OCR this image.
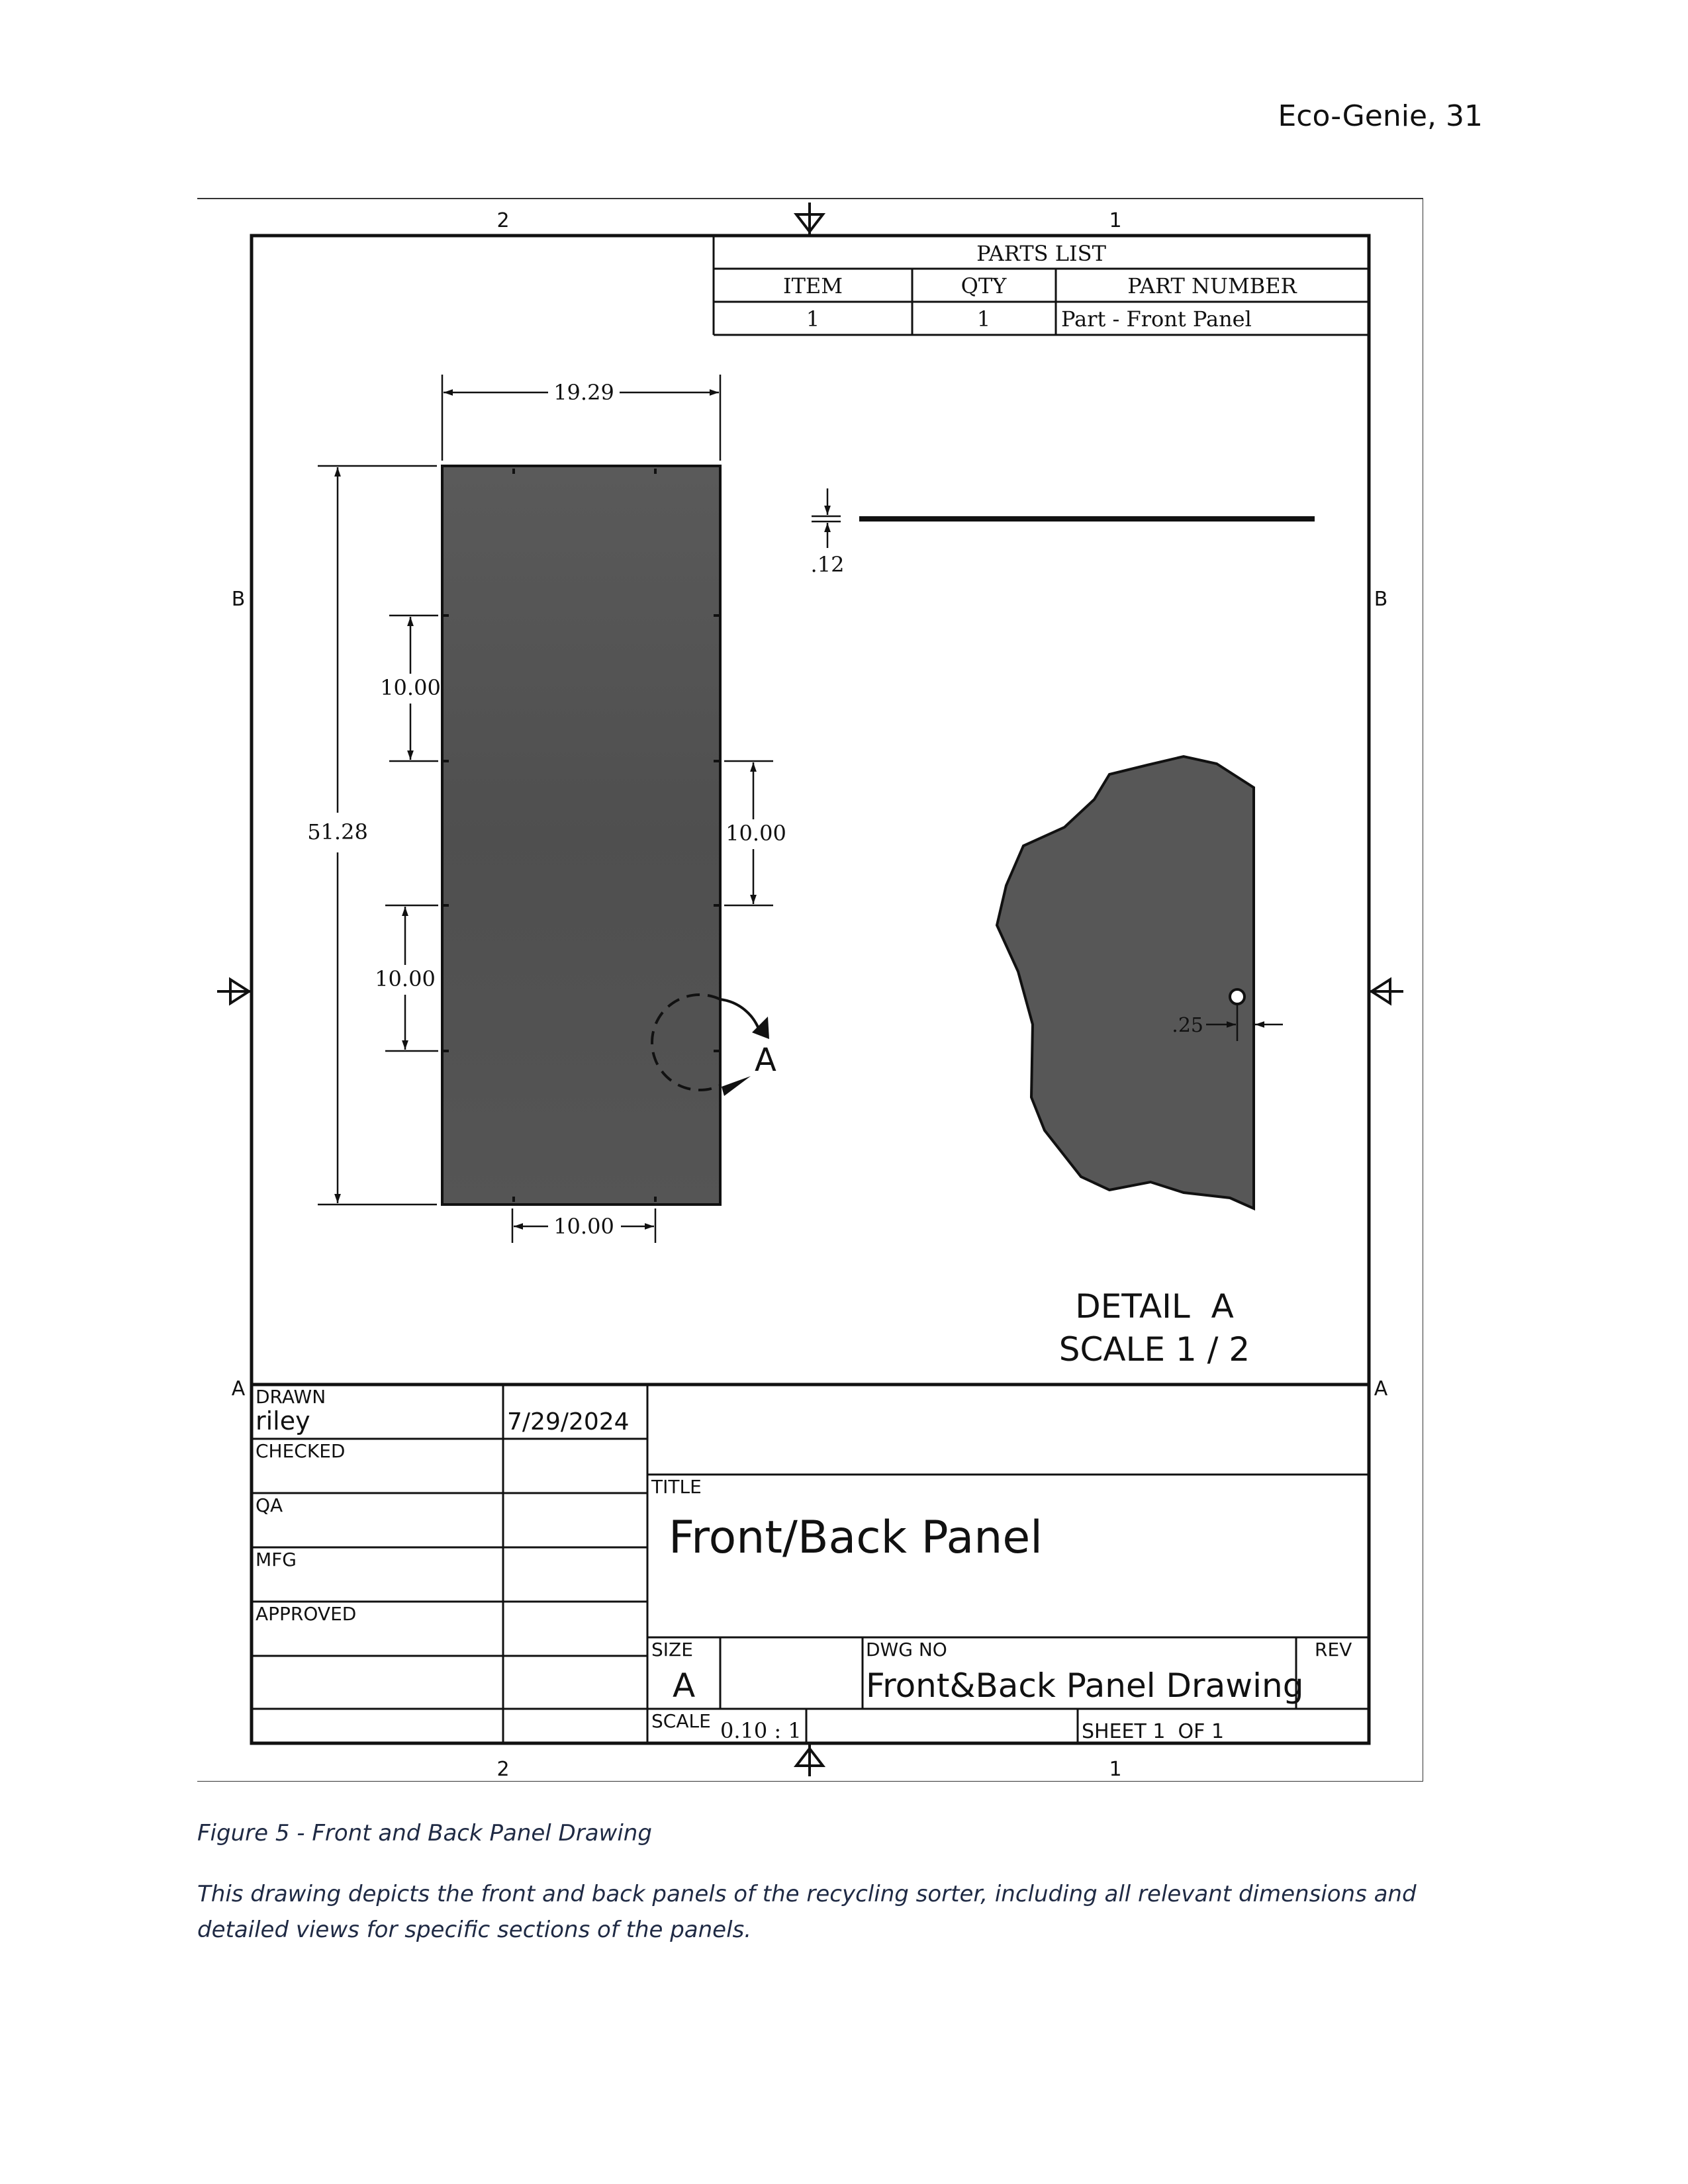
Eco-Genie, 31
2	1
2	1
B	B
A	A
PARTS LIST
ITEM	QTY	PART NUMBER
1	1	Part - Front Panel
19.29
51.28
10.00
10.00
10.00
10.00
A
.12
.25
DETAIL  A
SCALE 1 / 2
DRAWN
riley	7/29/2024
CHECKED
QA
MFG
APPROVED
TITLE
Front/Back Panel
SIZE
A
DWG NO
Front&Back Panel Drawing
REV
SCALE 0.10 : 1	SHEET 1  OF 1
Figure 5 - Front and Back Panel Drawing
This drawing depicts the front and back panels of the recycling sorter, including all relevant dimensions and detailed views for specific sections of the panels.
